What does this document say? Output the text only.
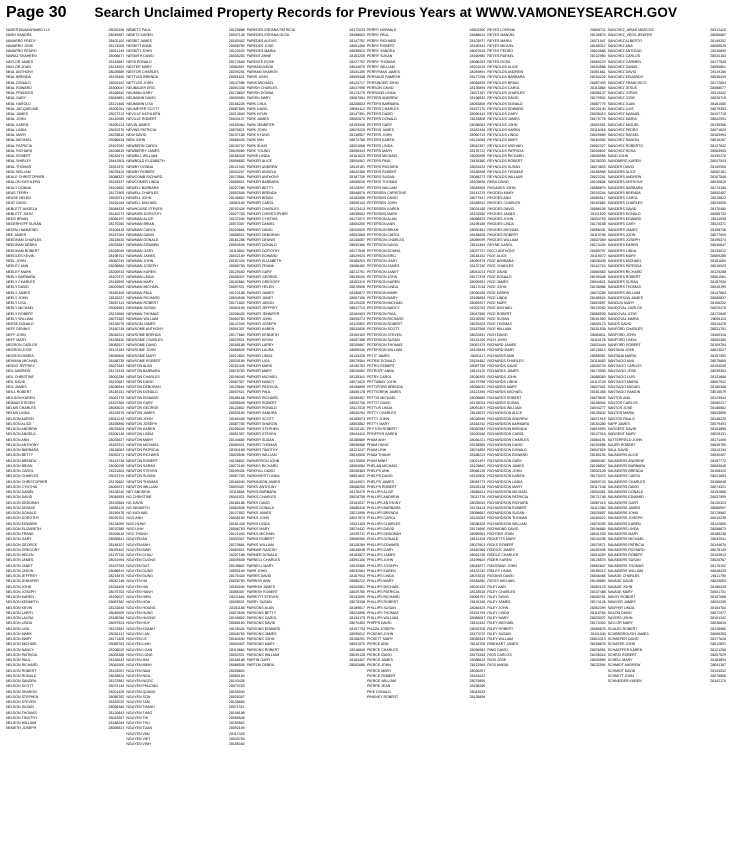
Page 30 Search Unclaimed Property Records for Previous Years at WWW.VAMONEYSEARCH.GOV
NASERTAVAKARAMID LLC	28032458
NASH SANDRA	28049987
NAVARRO FREDY	28402152
NAVARRO JOSE	28174005
NAVARRO PEDRO	28011245
NAWAZ SHAHEEN	28098877
NAYLOR JAMES	28143667
NAYLOR JOAN	28144901
NEAL ANTHONY	28025589
NEAL BRENDA	28193450
NEAL DONALD	28031102
NEAL EDWARD	28300047
NEAL FRANCES	28166540
NEAL GARY	28049851
NEAL HAROLD	28121466
NEAL JACQUELINE	28205761
NEAL JAMES	28077213
NEAL JOHN	28140985
NEAL KAREN	28399124
NEAL LINDA	28019376
NEAL MARY	28233810
NEAL MICHAEL	28056634
NEAL PATRICIA	28167092
NEAL RICHARD	28208815
NEAL ROBERT	28032674
NEAL SHIRLEY	28441903
NEAL THOMAS	28311570
NEAL WILLIAM	28075429
NEALE CHRISTOPHER	28088321
NEALON KATHLEEN	28193337
NEALY DONNA	28101852
NEAS TERRY	28172905
NEASE HELEN	28039711
NEAT DAVID	28201164
NEBLETT ANGELA	28084528
NEBLETT JOHN	28140273
NEDD BRIAN	28065197
NEDERHOFF SUSAN	28179260
NEDRA HAMMOND	28109418
NEE JAMES	28247003
NEEDHAM CHARLES	28115632
NEEDHAM DEBRA	28031887
NEEDHAM ROBERT	28169045
NEEDLES KEVIN	28198701
NEEL JOHN	28062249
NEELEY ANN	28038864
NEELEY MARK	28200915
NEELY BARBARA	28107372
NEELY CHARLES	28145590
NEELY DAVID	28029963
NEELY JAMES	28182408
NEELY JOHN	28116237
NEELY LISA	28057114
NEELY MICHAEL	28094581
NEELY ROBERT	28213669
NEELY WILLIAM	28073352
NEESE DONALD	28133078
NEFF DENNIS	28160745
NEFF JOHN	28046221
NEFF MARY	28198430
NEGRON CARLOS	28082917
NEGRON JOSE	28123164
NEGRON MARIA	28059506
NEHMAN MICHAEL	28188735
NEIDIG JEFFREY	28027643
NEIL ANDREW	28174318
NEIL CHRISTINE	28092256
NEIL DAVID	28210687
NEIL JAMES	28036944
NEILL ROBERT	28145102
NEILSON KAREN	28061778
NEIMAN STEVEN	28197365
NELMS CHARLES	28083019
NELMS LINDA	28124576
NELSON AARON	28041233
NELSON ALICE	28165890
NELSON ANDREW	28078404
NELSON ANGELA	28206148
NELSON ANN	28033527
NELSON ANTHONY	28187912
NELSON BARBARA	28115063
NELSON BETTY	28052471
NELSON BRENDA	28143738
NELSON BRIAN	28090295
NELSON CAROL	28211804
NELSON CHARLES	28037376
NELSON CHRISTOPHER	28176652
NELSON CYNTHIA	28064917
NELSON DANIEL	28128240
NELSON DAVID	28045593
NELSON DEBORAH	28192864
NELSON DENNIS	28081129
NELSON DONALD	28159476
NELSON DOROTHY	28026702
NELSON EDWARD	28134059
NELSON ELIZABETH	28070385
NELSON FRANK	28203618
NELSON GARY	28055841
NELSON GEORGE	28148107
NELSON GREGORY	28093462
NELSON HELEN	28179730
NELSON JAMES	28031994
NELSON JANET	28167253
NELSON JASON	28086519
NELSON JEFFREY	28214876
NELSON JENNIFER	28042148
NELSON JOHN	28154405
NELSON JOSEPH	28075763
NELSON KAREN	28199027
NELSON KENNETH	28067382
NELSON KEVIN	28131645
NELSON LARRY	28048909
NELSON LAURA	28185266
NELSON LINDA	28097524
NELSON LISA	28122881
NELSON MARK	28034147
NELSON MARY	28171408
NELSON MICHAEL	28089763
NELSON NANCY	28208020
NELSON PATRICIA	28053386
NELSON PAUL	28146643
NELSON RICHARD	28081900
NELSON ROBERT	28193267
NELSON RONALD	28028524
NELSON SANDRA	28137881
NELSON SCOTT	28074148
NELSON SHARON	28201405
NELSON STEPHEN	28059762
NELSON STEVEN	28162029
NELSON SUSAN	28095386
NELSON THOMAS	28120643
NELSON TIMOTHY	28043907
NELSON WILLIAM	28188264
NEMETH JOSEPH	28066521
NEMETZ PAUL	28129888
NEMITZ KAREN	28047145
NESBIT JAMES	28183402
NESBITT ANNE	28098769
NESBITT JOHN	28123026
NESMITH DAVID	28035283
NESS RONALD	28172640
NESTER MARY	28084907
NESTOR CHARLES	28209264
NETTLES BRENDA	28051621
NETTLES JOHN	28147988
NEUBAUER ERIC	28092345
NEUMAN GARY	28178602
NEUMANN DAVID	28030969
NEUMANN LISA	28166226
NEUMEYER SCOTT	28087583
NEVILLE KATHLEEN	28213840
NEVILLE ROBERT	28040107
NEVIN JAMES	28153464
NEVINS PATRICIA	28076821
NEW DAVID	28197188
NEW JOHN	28068445
NEWBERN CAROL	28130702
NEWBERRY JAMES	28049069
NEWBILL WILLIAM	28186326
NEWBOLD ELIZABETH	28096683
NEWBY DONNA	28121940
NEWBY ROBERT	28034207
NEWCOMB RICHARD	28170564
NEWCOMER LINDA	28088921
NEWELL BARBARA	28207288
NEWELL CHARLES	28052545
NEWELL JOHN	28145802
NEWELL MICHAEL	28081169
NEWHOUSE STEVEN	28192426
NEWKIRK DOROTHY	28027783
NEWMAN ALICE	28137040
NEWMAN BRIAN	28073307
NEWMAN CAROL	28200664
NEWMAN DAVID	28058921
NEWMAN DONALD	28161288
NEWMAN EDWARD	28094545
NEWMAN GARY	28119802
NEWMAN JAMES	28042169
NEWMAN JOHN	28187426
NEWMAN JOSEPH	28065783
NEWMAN KAREN	28129040
NEWMAN LINDA	28046307
NEWMAN MARY	28182664
NEWMAN MICHAEL	28097921
NEWMAN PAUL	28122188
NEWMAN RICHARD	28034545
NEWMAN ROBERT	28171802
NEWMAN SUSAN	28084169
NEWMAN THOMAS	28208426
NEWMAN WILLIAM	28050783
NEWSOM JAMES	28147040
NEWSOME ANTHONY	28091307
NEWSOME BRENDA	28177664
NEWSOME CHARLES	28029921
NEWSOME DAVID	28165188
NEWSOME JOHN	28086545
NEWSOME MARY	28212802
NEWSOME ROBERT	28039169
NEWTON ALAN	28152426
NEWTON BARBARA	28075783
NEWTON CHARLES	28196040
NEWTON DAVID	28067307
NEWTON DEBORAH	28129664
NEWTON DONALD	28047921
NEWTON EDWARD	28185188
NEWTON GARY	28095545
NEWTON GEORGE	28120802
NEWTON JAMES	28033169
NEWTON JOHN	28169426
NEWTON JOSEPH	28087783
NEWTON KAREN	28206040
NEWTON LINDA	28051307
NEWTON MARY	28144664
NEWTON MICHAEL	28080921
NEWTON PATRICIA	28191188
NEWTON RICHARD	28026545
NEWTON ROBERT	28136802
NEWTON SARAH	28072169
NEWTON STEVEN	28199426
NEWTON SUSAN	28057783
NEWTON THOMAS	28160040
NEWTON WILLIAM	28093307
NEY ANDREW	28118664
NG CHRISTINE	28041921
NG DAVID	28186188
NG KENNETH	28064545
NG MICHAEL	28127802
NGO ANH	28045169
NGO HUNG	28181426
NGO LINH	28096783
NGO THANH	28121040
NGUYEN AN	28033307
NGUYEN ANH	28170664
NGUYEN BINH	28083921
NGUYEN CHAU	28207188
NGUYEN CUONG	28049545
NGUYEN DAT	28146802
NGUYEN DUNG	28090169
NGUYEN DUNG	28176426
NGUYEN HA	28028783
NGUYEN HAI	28164040
NGUYEN HANH	28085307
NGUYEN HIEN	28211664
NGUYEN HOA	28038921
NGUYEN HOANG	28151188
NGUYEN HUNG	28074545
NGUYEN HUONG	28195802
NGUYEN HUY	28066169
NGUYEN KHANH	28128426
NGUYEN LAN	28046783
NGUYEN LE	28184040
NGUYEN LINH	28094307
NGUYEN LOAN	28119664
NGUYEN LONG	28032921
NGUYEN MAI	28168188
NGUYEN MINH	28086545
NGUYEN NAM	28205802
NGUYEN NGA	28050169
NGUYEN NGOC	28143426
NGUYEN PHUONG	28079783
NGUYEN QUANG	28190040
NGUYEN SON	28025307
NGUYEN TAM	28135664
NGUYEN THANH	28071921
NGUYEN THAO	28198188
NGUYEN THI	28056545
NGUYEN THU	28159802
NGUYEN TUAN	28092169
NGUYEN VAN	28117426
NGUYEN VIET	28040783
NGUYEN VINH	28185040
PAREDES-ESPANA PATRICIA	28172033
PAREDES-ESPANA OLGA	28458603
PAREDES ALEXIS	28147752
PAREDES JOSE	28051466
PAREDES MARIA	28098524
PARENT ANNE	28163205
PARENTE ROSE	28227792
PARHAM DAVID	28044870
PARHAM SHARON	28181159
PARIS JOHN	28099438
PARIS MICHAEL	28124717
PARISH CHARLES	28037996
PARISH DONNA	28174275
PARISH MARY	28087554
PARK CHUL	28208833
PARK DAVID	28054112
PARK HYUN	28147391
PARK JAMES	28082670
PARK JENNIFER	28193949
PARK JOHN	28029228
PARK KYUNG	28138507
PARK MIN	28074786
PARK SUNG	28201065
PARK YOUNG	28058344
PARKE LINDA	28161623
PARKER ALICE	28094902
PARKER ANDREW	28119181
PARKER ANGELA	28042460
PARKER ANTHONY	28187739
PARKER BARBARA	28065018
PARKER BETTY	28128297
PARKER BRENDA	28046576
PARKER BRIAN	28182855
PARKER CAROL	28098134
PARKER CHARLES	28123413
PARKER CHRISTOPHER	28035692
PARKER CYNTHIA	28171971
PARKER DANIEL	28084250
PARKER DAVID	28209529
PARKER DEBORAH	28052808
PARKER DENNIS	28146087
PARKER DONALD	28090366
PARKER DOROTHY	28177645
PARKER EDWARD	28029924
PARKER ELIZABETH	28165203
PARKER FRANK	28086482
PARKER GARY	28212761
PARKER GEORGE	28039040
PARKER GREGORY	28152319
PARKER HELEN	28075598
PARKER JAMES	28196877
PARKER JANET	28067156
PARKER JASON	28129435
PARKER JEFFREY	28047714
PARKER JENNIFER	28184993
PARKER JOHN	28095272
PARKER JOSEPH	28120551
PARKER KAREN	28033830
PARKER KENNETH	28169109
PARKER KEVIN	28087388
PARKER LARRY	28205667
PARKER LAURA	28050946
PARKER LINDA	28143225
PARKER LISA	28079504
PARKER MARK	28190783
PARKER MARY	28026062
PARKER MICHAEL	28135341
PARKER NANCY	28071620
PARKER PATRICIA	28198899
PARKER PAUL	28056178
PARKER RICHARD	28159457
PARKER ROBERT	28092736
PARKER RONALD	28117015
PARKER SANDRA	28040294
PARKER SCOTT	28185573
PARKER SHARON	28063852
PARKER STEPHEN	28126131
PARKER STEVEN	28044410
PARKER SUSAN	28180689
PARKER THOMAS	28096968
PARKER TIMOTHY	28121247
PARKER WILLIAM	28034526
PARKERSON JOHN	28170805
PARKES RICHARD	28083084
PARKHILL DAVID	28208363
PARKHURST LINDA	28051642
PARKINSON JAMES	28144921
PARKS ANTHONY	28088200
PARKS BARBARA	28176479
PARKS CHARLES	28028758
PARKS DAVID	28163037
PARKS DONALD	28085316
PARKS JAMES	28211595
PARKS JOHN	28037874
PARKS LINDA	28151153
PARKS MARY	28074432
PARKS MICHAEL	28195711
PARKS ROBERT	28066990
PARKS WILLIAM	28128269
PARMAR RAJESH	28045548
PARMER DONALD	28183827
PARNELL CHARLES	28094106
PARNELL MARY	28119385
PARR JOHN	28032664
PARRIS DAVID	28167943
PARRISH ANN	28086222
PARRISH JAMES	28204501
PARRISH ROBERT	28049780
PARROTT STEVEN	28142059
PARRY SUSAN	28078338
PARSONS ALAN	28189617
PARSONS BETTY	28024896
PARSONS CAROL	28134175
PARSONS DAVID	28070454
PARSONS EDWARD	28197733
PARSONS JAMES	28055012
PARSONS JOHN	28158291
PARSONS MARY	28091570
PARSONS ROBERT	28116849
PARSONS WILLIAM	28039128
PARTIN GARY	28184407
PARTON DEBRA	28062686
PERRY NORMA E	28502900
PERRY PAUL	28488614
PERRY RICHARD	28103977
PERRY ROBERT	28150342
PERRY SANDRA	28097615
PERRY SUSAN	28160980
PERRY THOMAS	28068253
PERRY WILLIAM	28201618
PERRYMAN JAMES	28049891
PERSAUD RAMESH	28177256
PERSINGER JOHN	28084529
PERSON DAVID	28135894
PERSONS LINDA	28071167
PETERS ANDREW	28196532
PETERS BARBARA	28053805
PETERS CHARLES	28157170
PETERS DAVID	28090443
PETERS DONALD	28115808
PETERS GARY	28038081
PETERS JAMES	28182446
PETERS JOHN	28060719
PETERS KAREN	28124084
PETERS LINDA	28042357
PETERS MARY	28178722
PETERS MICHAEL	28093995
PETERS PAUL	28118360
PETERS RICHARD	28031633
PETERS ROBERT	28166998
PETERS SUSAN	28085271
PETERS THOMAS	28203636
PETERS WILLIAM	28048909
PETERSEN CHRISTINE	28141274
PETERSEN DAVID	28077547
PETERSEN JOHN	28188912
PETERSEN KAREN	28024185
PETERSEN MARK	28132550
PETERSON ALAN	28068823
PETERSON ANN	28195188
PETERSON BRIAN	28052461
PETERSON CAROL	28155826
PETERSON CHARLES	28089099
PETERSON DAVID	28114464
PETERSON DONNA	28037737
PETERSON ERIC	28181102
PETERSON GARY	28059375
PETERSON JAMES	28122740
PETERSON JANET	28041013
PETERSON JOHN	28177378
PETERSON KAREN	28092651
PETERSON LINDA	28117016
PETERSON MARK	28030289
PETERSON MARY	28165654
PETERSON MICHAEL	28083927
PETERSON NANCY	28202292
PETERSON PAUL	28047565
PETERSON RICHARD	28139930
PETERSON ROBERT	28076203
PETERSON SCOTT	28187568
PETERSON STEVEN	28022841
PETERSON SUSAN	28131206
PETERSON THOMAS	28067479
PETERSON WILLIAM	28193844
PETIT JAMES	28051117
PETRIE DONALD	28154482
PETRO ROBERT	28087755
PETROFF ANNA	28113120
PETRY CAROL	28036393
PETTAWAY JOHN	28179758
PETTIFORD BRENDA	28058031
PETTIGREW JAMES	28121396
PETTIS MICHAEL	28039669
PETTIT DAVID	28176034
PETTUS LINDA	28091307
PETTY CHARLES	28115672
PETTY JOHN	28028945
PETTY MARY	28164310
PEYTON ROBERT	28082583
PFEIFFER KAREN	28200948
PHAM ANH	28046221
PHAM HUNG	28138586
PHAM LINH	28074859
PHAM THANH	28186224
PHAN MINH	28021497
PHELAN MICHAEL	28129862
PHELPS ANN	28066135
PHELPS DAVID	28192500
PHELPS JAMES	28049773
PHELPS ROBERT	28153138
PHILLIPS ALICE	28086411
PHILLIPS ANDREW	28111776
PHILLIPS ANTHONY	28035049
PHILLIPS BARBARA	28178414
PHILLIPS BRENDA	28056687
PHILLIPS CAROL	28120052
PHILLIPS CHARLES	28038325
PHILLIPS DAVID	28174690
PHILLIPS DEBORAH	28089963
PHILLIPS DONALD	28114328
PHILLIPS EDWARD	28027601
PHILLIPS GARY	28162966
PHILLIPS JAMES	28081239
PHILLIPS JOHN	28199604
PHILLIPS JOSEPH	28044877
PHILLIPS KAREN	28137242
PHILLIPS LINDA	28073515
PHILLIPS MARY	28184880
PHILLIPS MICHAEL	28020153
PHILLIPS PATRICIA	28128518
PHILLIPS RICHARD	28064791
PHILLIPS ROBERT	28191156
PHILLIPS SUSAN	28048429
PHILLIPS THOMAS	28151794
PHILLIPS WILLIAM	28085067
PHIPPS DAVID	28110432
PIAZZA JOSEPH	28033705
PICKENS JOHN	28177070
PICKETT MARY	28055343
PIERCE ANN	28118708
PIERCE CHARLES	28036981
PIERCE DAVID	28173346
PIERCE JAMES	28088619
PIERCE JOHN	28112984
PIERCE MARY	28026257
PIERCE ROBERT	28161622
PIERCE WILLIAM	28079895
PIERRE JEAN	28198260
PIKE DONALD	28043533
PINKNEY ROBERT	28135898
REYES LORENA	28898711
REYES MANUEL	28135674
REYES MARIA	28071947
REYES MIGUEL	28188312
REYES PEDRO	28024585
REYES RAFAEL	28132950
REYES ROSA	28069223
REYNOLDS ALICE	28194588
REYNOLDS ANDREW	28051861
REYNOLDS BARBARA	28154226
REYNOLDS BRIAN	28087499
REYNOLDS CAROL	28113864
REYNOLDS CHARLES	28036137
REYNOLDS DAVID	28179502
REYNOLDS DONALD	28057775
REYNOLDS EDWARD	28120140
REYNOLDS GARY	28038413
REYNOLDS JAMES	28175778
REYNOLDS JOHN	28091051
REYNOLDS KAREN	28116416
REYNOLDS LINDA	28029689
REYNOLDS MARY	28164054
REYNOLDS MICHAEL	28082327
REYNOLDS PATRICIA	28200692
REYNOLDS RICHARD	28045965
REYNOLDS ROBERT	28138330
REYNOLDS SUSAN	28074603
REYNOLDS THOMAS	28186968
REYNOLDS WILLIAM	28022241
RHEA DAVID	28130606
RHOADES JOHN	28066879
RHODEN MARY	28193244
RHODES ANN	28050517
RHODES CHARLES	28152882
RHODES DAVID	28086155
RHODES JAMES	28111520
RHODES JOHN	28034793
RHODES LINDA	28178158
RHODES MICHAEL	28056431
RHODES ROBERT	28119796
RHODES WILLIAM	28037069
RHYNE CAROL	28174434
RICCI ANTHONY	28089707
RICE ALICE	28115072
RICE BARBARA	28028345
RICE CHARLES	28162710
RICE DAVID	28080983
RICE DONALD	28199348
RICE JAMES	28044621
RICE JOHN	28136986
RICE KAREN	28073259
RICE LINDA	28185624
RICE MARY	28020897
RICE MICHAEL	28129262
RICE ROBERT	28065535
RICE SUSAN	28191900
RICE THOMAS	28049173
RICE WILLIAM	28151538
RICH DAVID	28084811
RICH JOHN	28110176
RICHARD JAMES	28033449
RICHARD MARY	28176814
RICHARDS ANN	28055087
RICHARDS CHARLES	28118452
RICHARDS DAVID	28035725
RICHARDS JAMES	28173090
RICHARDS JOHN	28088363
RICHARDS LINDA	28113728
RICHARDS MARY	28027001
RICHARDS MICHAEL	28161366
RICHARDS ROBERT	28079639
RICHARDS SUSAN	28198004
RICHARDS WILLIAM	28043277
RICHARDSON ALICE	28135642
RICHARDSON ANDREW	28071915
RICHARDSON BARBARA	28184280
RICHARDSON BRENDA	28019553
RICHARDSON CAROL	28127918
RICHARDSON CHARLES	28064191
RICHARDSON DAVID	28190556
RICHARDSON DONALD	28047829
RICHARDSON EDWARD	28150194
RICHARDSON GARY	28083467
RICHARDSON JAMES	28108832
RICHARDSON JOHN	28032105
RICHARDSON KAREN	28175470
RICHARDSON LINDA	28053743
RICHARDSON MARY	28117108
RICHARDSON MICHAEL	28034381
RICHARDSON PATRICIA	28171746
RICHARDSON RICHARD	28087019
RICHARDSON ROBERT	28112384
RICHARDSON SUSAN	28025657
RICHARDSON THOMAS	28160022
RICHARDSON WILLIAM	28078295
RICHMOND DAVID	28196660
RICHTER JOHN	28041933
RICKETTS MARY	28134298
RICKS ROBERT	28070571
RIDDICK JAMES	28182936
RIDDLE CHARLES	28018209
RIDER KAREN	28126574
RIDGEWAY JOHN	28062847
RIDLEY LINDA	28189212
RIGGINS DAVID	28046485
RIGGS MICHAEL	28148850
RILEY ANN	28082123
RILEY CHARLES	28107488
RILEY DAVID	28030761
RILEY JAMES	28174126
RILEY JOHN	28052399
RILEY LINDA	28115764
RILEY MARY	28033037
RILEY MICHAEL	28170402
RILEY ROBERT	28085675
RILEY SUSAN	28111040
RILEY WILLIAM	28024313
RINEHART JAMES	28158678
RING DAVID	28076951
RIOS CARLOS	28195316
RIOS JOSE	28040589
RIOS MARIA	28132954
SANCHEZ_ARIAS MARCOS	28312420
SANCHEZ_VEGA JENIFER	28066887
SANCHEZ ALBERTO	28149252
SANCHEZ ANA	28085525
SANCHEZ ANTONIO	28110890
SANCHEZ CARLOS	28034163
SANCHEZ CARMEN	28177528
SANCHEZ DANIEL	28055801
SANCHEZ DAVID	28119166
SANCHEZ EDUARDO	28036439
SANCHEZ FRANCISCO	28172804
SANCHEZ JESUS	28088077
SANCHEZ JORGE	28113442
SANCHEZ JOSE	28026715
SANCHEZ JUAN	28161080
SANCHEZ LUIS	28079353
SANCHEZ MANUEL	28197718
SANCHEZ MARIA	28042991
SANCHEZ MIGUEL	28135356
SANCHEZ PEDRO	28071629
SANCHEZ RAFAEL	28183994
SANCHEZ RAMON	28019267
SANCHEZ ROBERTO	28127632
SANCHEZ ROSA	28063905
SAND JOHN	28190270
SANDBERG KAREN	28047543
SANDER DAVID	28149908
SANDERS ALICE	28082181
SANDERS ANDREW	28107546
SANDERS ANTHONY	28030819
SANDERS BARBARA	28174184
SANDERS BRENDA	28052457
SANDERS CAROL	28115822
SANDERS CHARLES	28033095
SANDERS DAVID	28170460
SANDERS DONALD	28085733
SANDERS EDWARD	28111098
SANDERS GARY	28024371
SANDERS JAMES	28158736
SANDERS JOHN	28077009
SANDERS JOSEPH	28195374
SANDERS KAREN	28040647
SANDERS LINDA	28133012
SANDERS MARY	28069285
SANDERS MICHAEL	28181650
SANDERS PATRICIA	28016923
SANDERS RICHARD	28125288
SANDERS ROBERT	28061561
SANDERS SUSAN	28187926
SANDERS THOMAS	28045199
SANDERS WILLIAM	28147564
SANDERSON JAMES	28080837
SANDLIN MARY	28106202
SANDOVAL CARLOS	28029475
SANDOVAL JOSE	28172840
SANDOVAL MARIA	28051113
SANDS DAVID	28114478
SANFORD CHARLES	28031751
SANFORD JOHN	28169116
SANFORD LINDA	28084389
SANFORD ROBERT	28109754
SANTANA JOSE	28023027
SANTANA MARIA	28157392
SANTIAGO ANA	28075665
SANTIAGO CARLOS	28194030
SANTIAGO JOSE	28039303
SANTIAGO LUIS	28131668
SANTIAGO MARIA	28067941
SANTIAGO MIGUEL	28180306
SANTIAGO RAMON	28015579
SANTOS ANA	28123944
SANTOS CARLOS	28060217
SANTOS JOSE	28186582
SANTOS MARIA	28043855
SANTOS PAULO	28146220
SAPP JAMES	28079493
SARGENT DAVID	28104858
SARGENT MARY	28028131
SATTERFIELD JOHN	28171496
SAUER ROBERT	28049769
SAUL DAVID	28113134
SAUNDERS ALICE	28030407
SAUNDERS ANDREW	28167772
SAUNDERS BARBARA	28083045
SAUNDERS BRENDA	28108410
SAUNDERS CAROL	28021683
SAUNDERS CHARLES	28156048
SAUNDERS DAVID	28074321
SAUNDERS DONALD	28192686
SAUNDERS EDWARD	28037959
SAUNDERS GARY	28130324
SAUNDERS JAMES	28066597
SAUNDERS JOHN	28178962
SAUNDERS JOSEPH	28014235
SAUNDERS KAREN	28122600
SAUNDERS LINDA	28058873
SAUNDERS MARY	28185238
SAUNDERS MICHAEL	28042511
SAUNDERS PATRICIA	28144876
SAUNDERS RICHARD	28078149
SAUNDERS ROBERT	28103514
SAUNDERS SUSAN	28026787
SAUNDERS THOMAS	28170152
SAUNDERS WILLIAM	28048425
SAVAGE CHARLES	28111790
SAVAGE DAVID	28029063
SAVAGE JOHN	28166428
SAVAGE MARY	28081701
SAVOY ROBERT	28107066
SAWYER JAMES	28020339
SAWYER LINDA	28154704
SAXON DAVID	28072977
SAYERS JOHN	28191342
SAYLOR MARY	28036615
SCALES ROBERT	28128980
SCARBOROUGH JAMES	28065253
SCHAEFER DAVID	28177618
SCHAFER JOHN	28012891
SCHAEFFER KAREN	28121256
SCHEID ROBERT	28057529
SCHELL MARY	28183894
SCHMIDT ANDREW	28041167
SCHMIDT DAVID	28143532
SCHMITT JOHN	28076805
SCHNEIDER KAREN	28102170
